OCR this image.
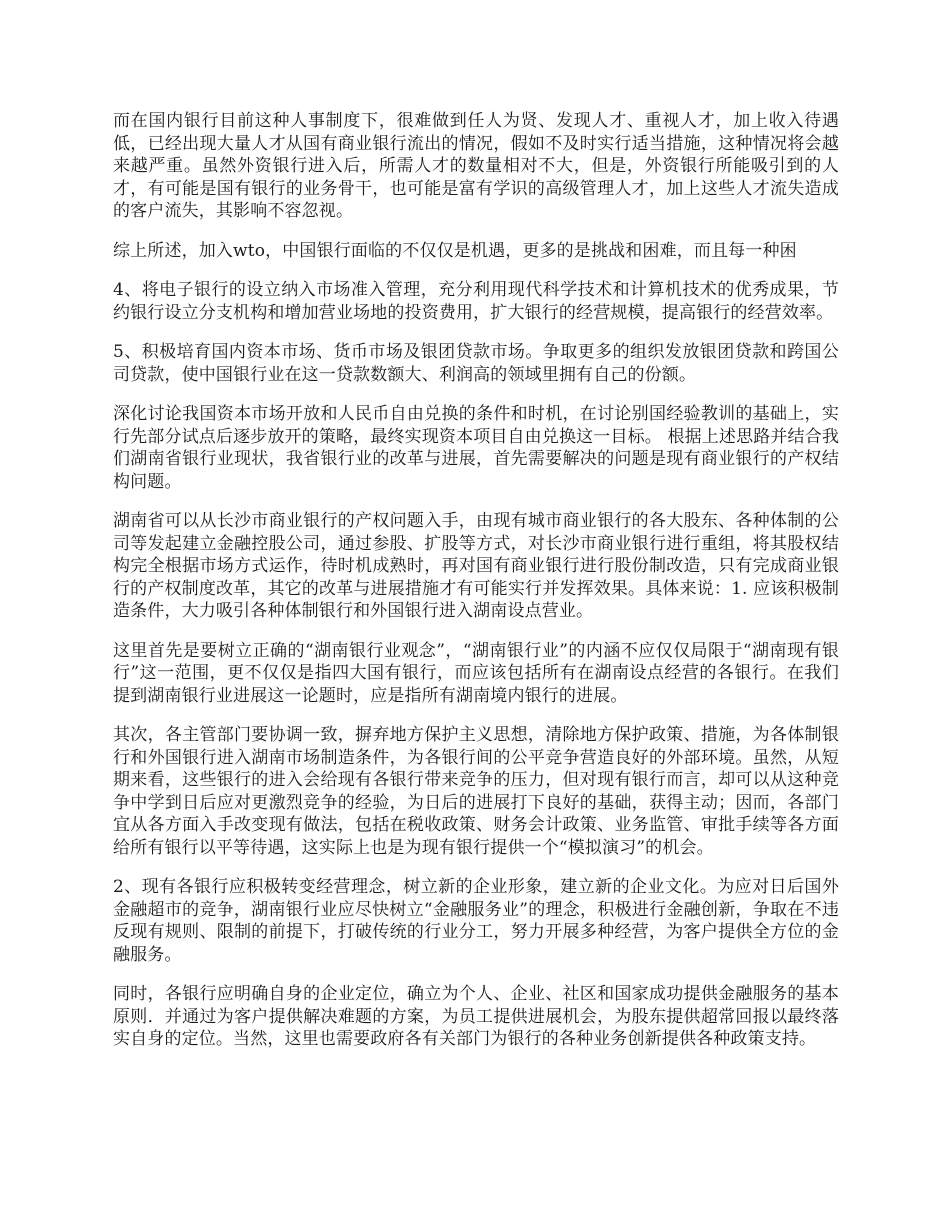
而在国内银行目前这种人事制度下，很难做到任人为贤、发现人才、重视人才，加上收入待遇低，已经出现大量人才从国有商业银行流出的情况，假如不及时实行适当措施，这种情况将会越来越严重。虽然外资银行进入后，所需人才的数量相对不大，但是，外资银行所能吸引到的人才，有可能是国有银行的业务骨干，也可能是富有学识的高级管理人才，加上这些人才流失造成的客户流失，其影响不容忽视。

综上所述，加入wto，中国银行面临的不仅仅是机遇，更多的是挑战和困难，而且每一种困

4、将电子银行的设立纳入市场准入管理，充分利用现代科学技术和计算机技术的优秀成果，节约银行设立分支机构和增加营业场地的投资费用，扩大银行的经营规模，提高银行的经营效率。

5、积极培育国内资本市场、货币市场及银团贷款市场。争取更多的组织发放银团贷款和跨国公司贷款，使中国银行业在这一贷款数额大、利润高的领域里拥有自己的份额。

深化讨论我国资本市场开放和人民币自由兑换的条件和时机，在讨论别国经验教训的基础上，实行先部分试点后逐步放开的策略，最终实现资本项目自由兑换这一目标。 根据上述思路并结合我们湖南省银行业现状，我省银行业的改革与进展，首先需要解决的问题是现有商业银行的产权结构问题。

湖南省可以从长沙市商业银行的产权问题入手，由现有城市商业银行的各大股东、各种体制的公司等发起建立金融控股公司，通过参股、扩股等方式，对长沙市商业银行进行重组，将其股权结构完全根据市场方式运作，待时机成熟时，再对国有商业银行进行股份制改造，只有完成商业银行的产权制度改革，其它的改革与进展措施才有可能实行并发挥效果。具体来说：1. 应该积极制造条件，大力吸引各种体制银行和外国银行进入湖南设点营业。

这里首先是要树立正确的“湖南银行业观念”，“湖南银行业”的内涵不应仅仅局限于“湖南现有银行”这一范围，更不仅仅是指四大国有银行，而应该包括所有在湖南设点经营的各银行。在我们提到湖南银行业进展这一论题时，应是指所有湖南境内银行的进展。

其次，各主管部门要协调一致，摒弃地方保护主义思想，清除地方保护政策、措施，为各体制银行和外国银行进入湖南市场制造条件，为各银行间的公平竞争营造良好的外部环境。虽然，从短期来看，这些银行的进入会给现有各银行带来竞争的压力，但对现有银行而言，却可以从这种竞争中学到日后应对更激烈竞争的经验，为日后的进展打下良好的基础，获得主动；因而，各部门宜从各方面入手改变现有做法，包括在税收政策、财务会计政策、业务监管、审批手续等各方面给所有银行以平等待遇，这实际上也是为现有银行提供一个“模拟演习”的机会。

2、现有各银行应积极转变经营理念，树立新的企业形象，建立新的企业文化。为应对日后国外金融超市的竞争，湖南银行业应尽快树立“金融服务业”的理念，积极进行金融创新，争取在不违反现有规则、限制的前提下，打破传统的行业分工，努力开展多种经营，为客户提供全方位的金融服务。

同时，各银行应明确自身的企业定位，确立为个人、企业、社区和国家成功提供金融服务的基本原则．并通过为客户提供解决难题的方案，为员工提供进展机会，为股东提供超常回报以最终落实自身的定位。当然，这里也需要政府各有关部门为银行的各种业务创新提供各种政策支持。
